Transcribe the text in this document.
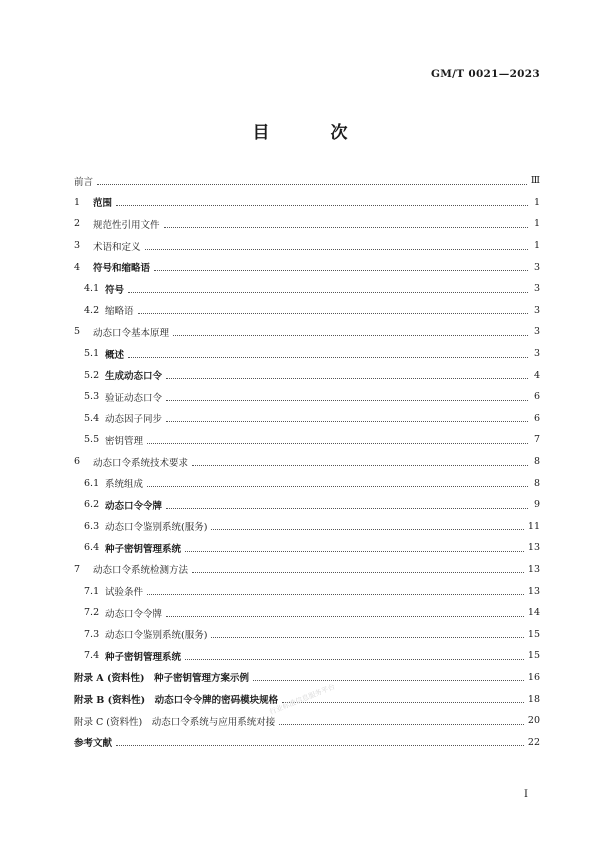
GM/T 0021—2023
目　次
前言	Ⅲ
1	范围	1
2	规范性引用文件	1
3	术语和定义	1
4	符号和缩略语	3
4.1 符号	3
4.2 缩略语	3
5	动态口令基本原理	3
5.1 概述	3
5.2 生成动态口令	4
5.3 验证动态口令	6
5.4 动态因子同步	6
5.5 密钥管理	7
6	动态口令系统技术要求	8
6.1 系统组成	8
6.2 动态口令令牌	9
6.3 动态口令鉴别系统(服务)	11
6.4 种子密钥管理系统	13
7	动态口令系统检测方法	13
7.1 试验条件	13
7.2 动态口令令牌	14
7.3 动态口令鉴别系统(服务)	15
7.4 种子密钥管理系统	15
附录 A (资料性)　种子密钥管理方案示例	16
附录 B (资料性)　动态口令令牌的密码模块规格	18
附录 C (资料性)　动态口令系统与应用系统对接	20
参考文献	22
行业标准信息服务平台
I
